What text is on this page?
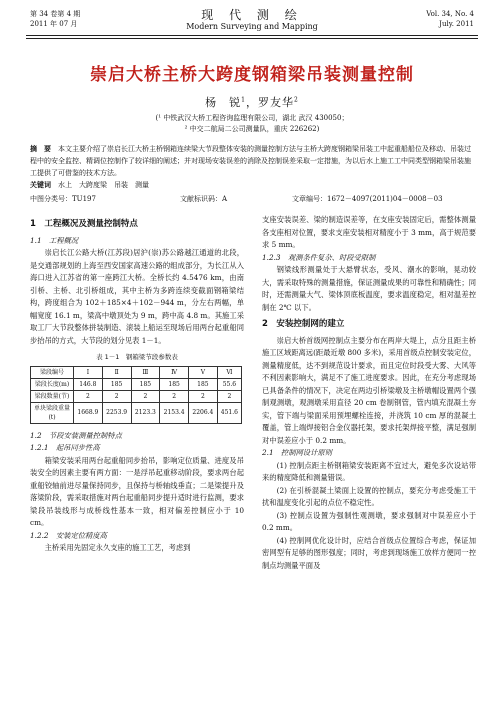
第 34 卷第 4 期
2011 年 07 月
现 代 测 绘
Modern Surveying and Mapping
Vol. 34, No. 4
July. 2011
崇启大桥主桥大跨度钢箱梁吊装测量控制
杨　锐$^1$，罗友华$^2$
(¹ 中铁武汉大桥工程咨询监理有限公司，湖北 武汉 430050；
² 中交二航局二公司测量队，重庆 226262)
摘　要　 本文主要介绍了崇启长江大桥主桥钢箱连续梁大节段整体安装的测量控制方法与主桥大跨度钢箱梁吊装工中起重船船位及移动、吊装过程中的安全监控、精调位控制作了较详细的阐述；并对现场安装误差的消除及控制误差采取一定措施，为以后水上施工工中同类型钢箱梁吊装施工提供了可借鉴的技术方法。
关键词　 水上　大跨度梁　吊装　测量
中图分类号：TU197	文献标识码：A	文章编号：1672－4097(2011)04－0008－03

1　工程概况及测量控制特点

1.1　工程概况

崇启长江公路大桥(江苏段)居沪(崇)苏公路越江通道的北段，是交通部规划的上海至西安国家高速公路的组成部分，为长江从入海口进入江苏省的第一座跨江大桥。全桥长约 4.5476 km，由南引桥、主桥、北引桥组成，其中主桥为多跨连续变截面钢箱梁结构，跨度组合为 102＋185×4＋102－944 m，分左右两幅，单幅宽度 16.1 m，梁高中墩顶处为 9 m，跨中高 4.8 m。其施工采取工厂大节段整体拼装制造、滚装上船运至现场后用两台起重船同步抬吊的方式，大节段的划分见表 1－1。

表 1－1　钢箱梁节段参数表
梁段编号	Ⅰ	Ⅱ	Ⅲ	Ⅳ	Ⅴ	Ⅵ
梁段长度(m)	146.8	185	185	185	185	55.6
梁段数量(节)	2	2	2	2	2	2
单块梁段重量(t)	1668.9	2253.9	2123.3	2153.4	2206.4	451.6

1.2　节段安装测量控制特点

1.2.1　起吊同步性高

箱梁安装采用两台起重船同步抬吊，影响定位质量、进度及吊装安全的因素主要有两方面：一是浮吊起重移动阶段，要求两台起重船铰轴前进尽量保持同步，且保持与桥轴线垂直；二是梁提升及落梁阶段，需采取措施对两台起重船同步提升适时进行监测，要求梁段吊装线形与成桥线性基本一致，相对偏差控制应小于 10 cm。

1.2.2　安装定位精度高

主桥采用先固定永久支座的施工工艺，考虑到

支座安装误差、梁的制造误差等，在支座安装固定后，需整体测量各支座相对位置，要求支座安装相对精度小于 3 mm，高于规范要求 5 mm。

1.2.3　观测条件复杂、时段受限制

钢梁线形测量处于大悬臂状态，受风、潮水的影响，晃动较大，需采取特殊的测量措施，保证测量成果的可靠性和精确性；同时，还需测量大气、梁体顶底板温度，要求温度稳定，相对温差控制在 2℃ 以下。

2　安装控制网的建立

崇启大桥首级网控制点主要分布在两岸大堤上，点分且距主桥施工区域距离远(距最近墩 800 多米)，采用首级点控制安装定位，测量精度低，达不到规范设计要求，而且定位时段受大雾、大风等不利因素影响大，满足不了施工进度要求。因此，在充分考虑现场已具备条件的情况下，决定在两边引桥梁墩及主桥墩帽设置两个强制观测墩，观测墩采用直径 20 cm 卷制钢管，管内填充混凝土夯实，管下端与梁面采用预埋螺栓连接，并浇筑 10 cm 厚的混凝土覆盖，管上端焊接铝合金仪器托架，要求托架焊接平整，满足强制对中误差应小于 0.2 mm。

2.1　控制网设计原则

(1) 控制点距主桥钢箱梁安装距离不宜过大，避免多次设站带来的精度降低和测量错误。

(2) 在引桥混凝土梁面上设置的控制点，要充分考虑受施工干扰和温度变化引起的点位不稳定性。

(3) 控制点设置为强制性观测墩，要求强制对中误差应小于 0.2 mm。

(4) 控制网优化设计时，应结合首级点位置综合考虑，保证加密网型有足够的图形强度；同时，考虑到现场施工放样方便同一控制点均测量平面及
